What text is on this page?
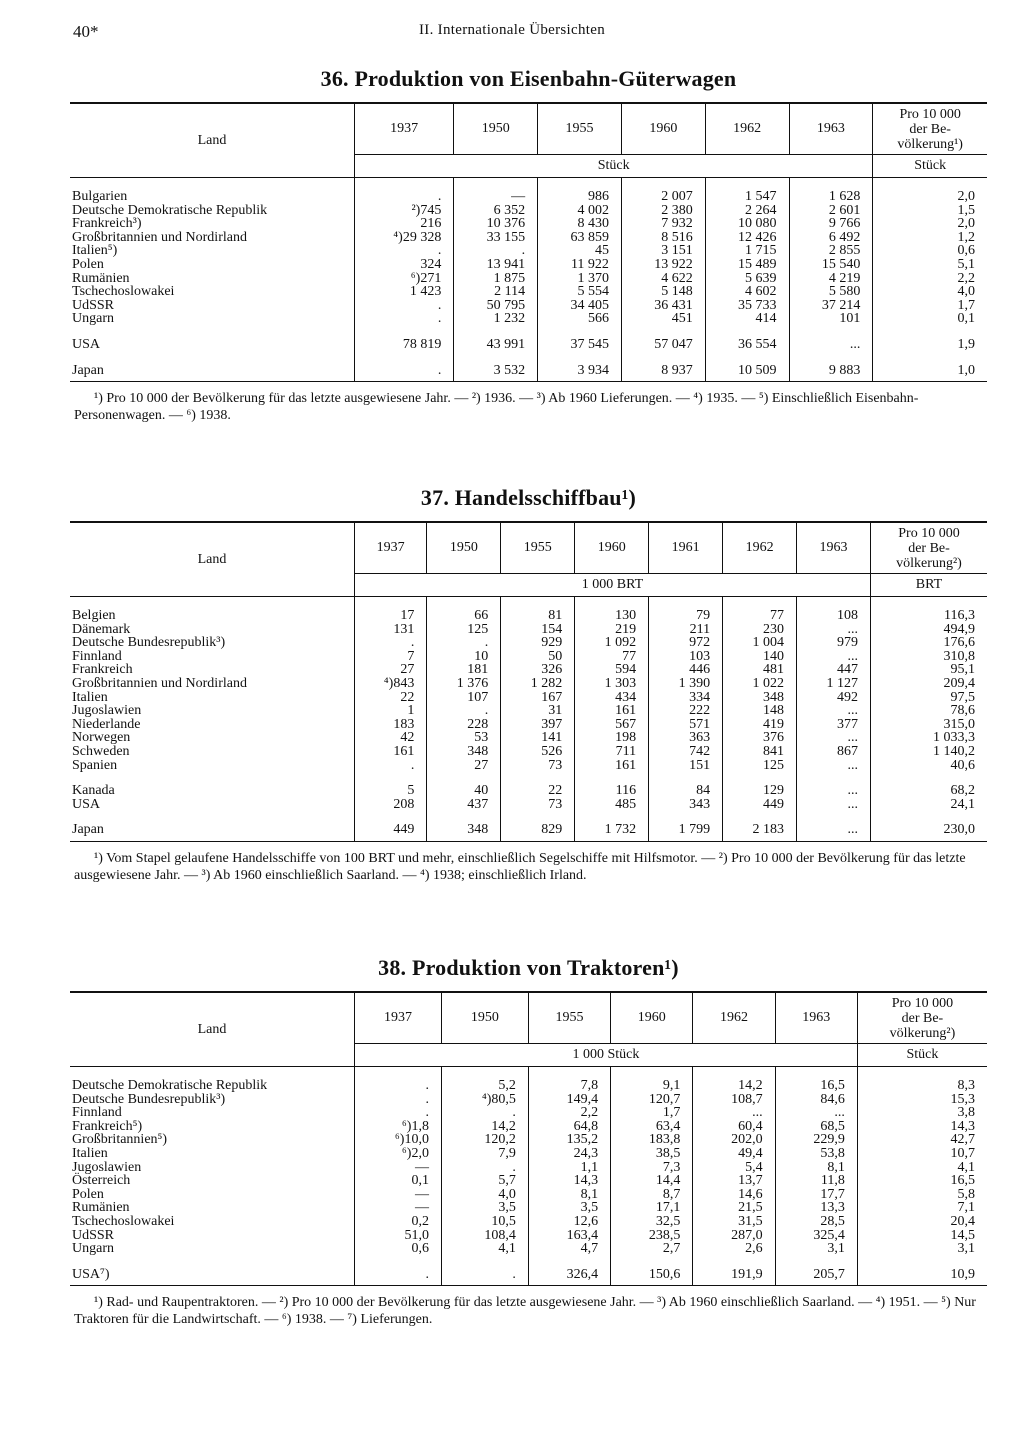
40*	II. Internationale Übersichten
36. Produktion von Eisenbahn-Güterwagen
Land	1937	1950	1955	1960	1962	1963	Pro 10 000
der Be-
völkerung¹)

	Stück						Stück

Bulgarien	.	—	986	2 007	1 547	1 628	2,0
Deutsche Demokratische Republik	²)745	6 352	4 002	2 380	2 264	2 601	1,5
Frankreich³)	216	10 376	8 430	7 932	10 080	9 766	2,0
Großbritannien und Nordirland	⁴)29 328	33 155	63 859	8 516	12 426	6 492	1,2
Italien⁵)	.	.	45	3 151	1 715	2 855	0,6
Polen	324	13 941	11 922	13 922	15 489	15 540	5,1
Rumänien	⁶)271	1 875	1 370	4 622	5 639	4 219	2,2
Tschechoslowakei	1 423	2 114	5 554	5 148	4 602	5 580	4,0
UdSSR	.	50 795	34 405	36 431	35 733	37 214	1,7
Ungarn	.	1 232	566	451	414	101	0,1

USA	78 819	43 991	37 545	57 047	36 554	...	1,9

Japan	.	3 532	3 934	8 937	10 509	9 883	1,0

¹) Pro 10 000 der Bevölkerung für das letzte ausgewiesene Jahr. — ²) 1936. — ³) Ab 1960 Lieferungen. — ⁴) 1935. — ⁵) Einschließlich Eisenbahn-Personenwagen. — ⁶) 1938.
37. Handelsschiffbau¹)
Land	1937	1950	1955	1960	1961	1962	1963	Pro 10 000
der Be-
völkerung²)

	1 000 BRT							BRT

Belgien	17	66	81	130	79	77	108	116,3
Dänemark	131	125	154	219	211	230	...	494,9
Deutsche Bundesrepublik³)	.	.	929	1 092	972	1 004	979	176,6
Finnland	7	10	50	77	103	140	...	310,8
Frankreich	27	181	326	594	446	481	447	95,1
Großbritannien und Nordirland	⁴)843	1 376	1 282	1 303	1 390	1 022	1 127	209,4
Italien	22	107	167	434	334	348	492	97,5
Jugoslawien	1	.	31	161	222	148	...	78,6
Niederlande	183	228	397	567	571	419	377	315,0
Norwegen	42	53	141	198	363	376	...	1 033,3
Schweden	161	348	526	711	742	841	867	1 140,2
Spanien	.	27	73	161	151	125	...	40,6

Kanada	5	40	22	116	84	129	...	68,2
USA	208	437	73	485	343	449	...	24,1

Japan	449	348	829	1 732	1 799	2 183	...	230,0

¹) Vom Stapel gelaufene Handelsschiffe von 100 BRT und mehr, einschließlich Segelschiffe mit Hilfsmotor. — ²) Pro 10 000 der Bevölkerung für das letzte ausgewiesene Jahr. — ³) Ab 1960 einschließlich Saarland. — ⁴) 1938; einschließlich Irland.
38. Produktion von Traktoren¹)
Land	1937	1950	1955	1960	1962	1963	Pro 10 000
der Be-
völkerung²)

	1 000 Stück						Stück

Deutsche Demokratische Republik	.	5,2	7,8	9,1	14,2	16,5	8,3
Deutsche Bundesrepublik³)	.	⁴)80,5	149,4	120,7	108,7	84,6	15,3
Finnland	.	.	2,2	1,7	...	...	3,8
Frankreich⁵)	⁶)1,8	14,2	64,8	63,4	60,4	68,5	14,3
Großbritannien⁵)	⁶)10,0	120,2	135,2	183,8	202,0	229,9	42,7
Italien	⁶)2,0	7,9	24,3	38,5	49,4	53,8	10,7
Jugoslawien	—	.	1,1	7,3	5,4	8,1	4,1
Österreich	0,1	5,7	14,3	14,4	13,7	11,8	16,5
Polen	—	4,0	8,1	8,7	14,6	17,7	5,8
Rumänien	—	3,5	3,5	17,1	21,5	13,3	7,1
Tschechoslowakei	0,2	10,5	12,6	32,5	31,5	28,5	20,4
UdSSR	51,0	108,4	163,4	238,5	287,0	325,4	14,5
Ungarn	0,6	4,1	4,7	2,7	2,6	3,1	3,1

USA⁷)	.	.	326,4	150,6	191,9	205,7	10,9

¹) Rad- und Raupentraktoren. — ²) Pro 10 000 der Bevölkerung für das letzte ausgewiesene Jahr. — ³) Ab 1960 einschließlich Saarland. — ⁴) 1951. — ⁵) Nur Traktoren für die Landwirtschaft. — ⁶) 1938. — ⁷) Lieferungen.
